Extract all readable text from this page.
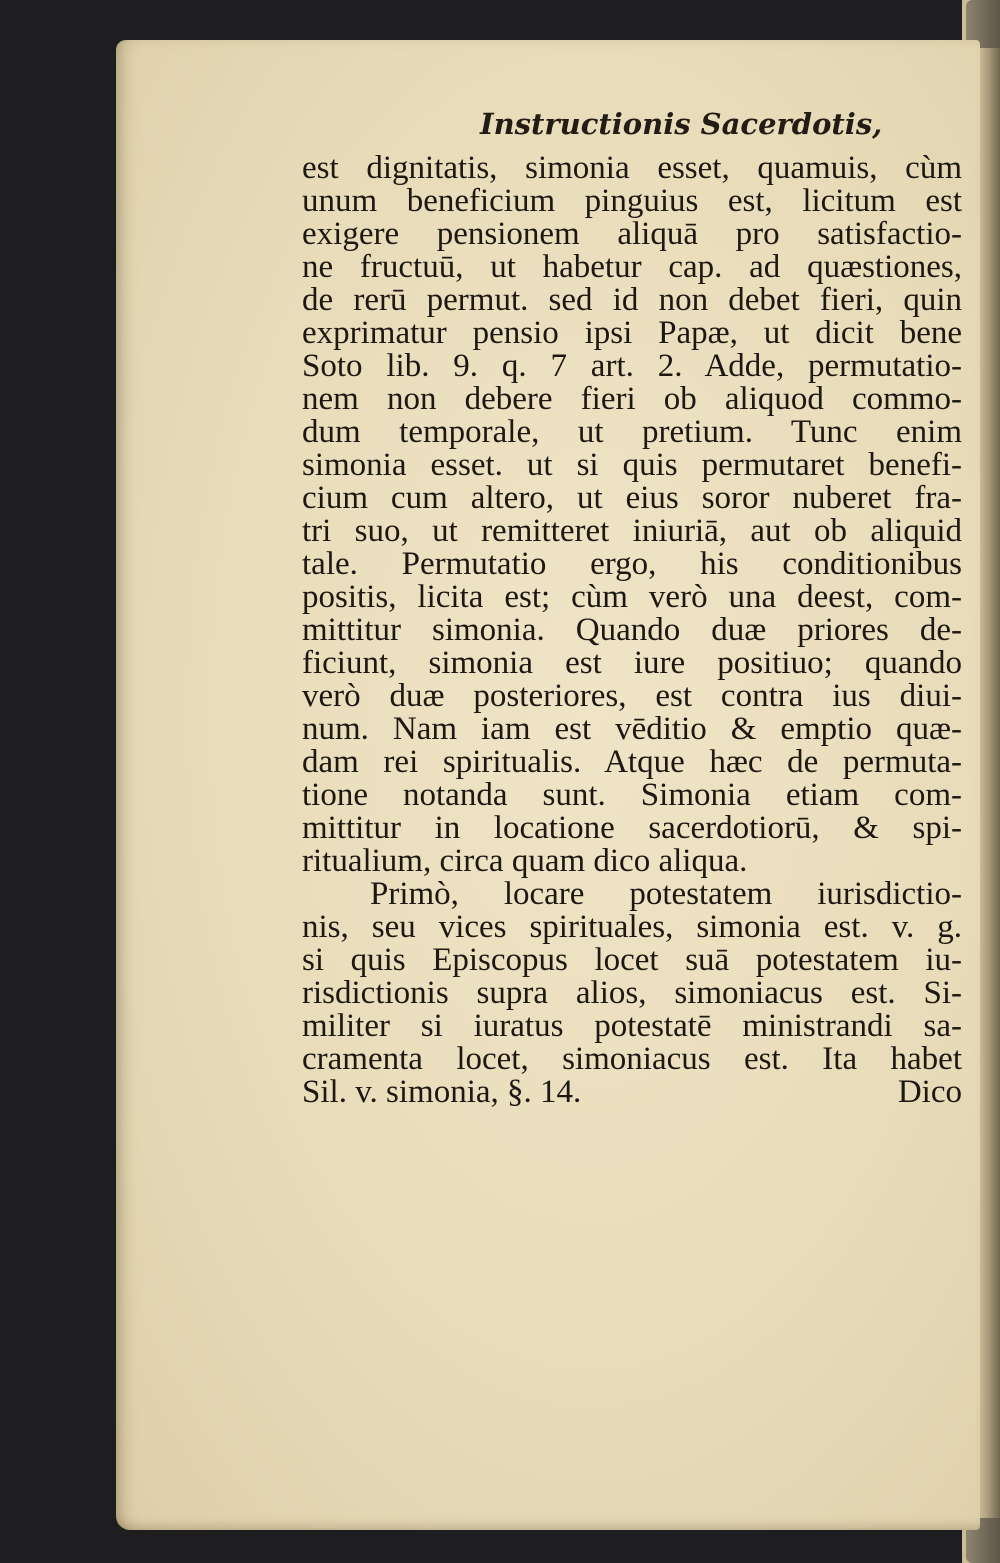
Instructionis Sacerdotis,
est dignitatis, simonia esset, quamuis, cùm
unum beneficium pinguius est, licitum est
exigere pensionem aliquā pro satisfactio-
ne fructuū, ut habetur cap. ad quæstiones,
de rerū permut. sed id non debet fieri, quin
exprimatur pensio ipsi Papæ, ut dicit bene
Soto lib. 9. q. 7 art. 2. Adde, permutatio-
nem non debere fieri ob aliquod commo-
dum temporale, ut pretium. Tunc enim
simonia esset. ut si quis permutaret benefi-
cium cum altero, ut eius soror nuberet fra-
tri suo, ut remitteret iniuriā, aut ob aliquid
tale. Permutatio ergo, his conditionibus
positis, licita est; cùm verò una deest, com-
mittitur simonia. Quando duæ priores de-
ficiunt, simonia est iure positiuo; quando
verò duæ posteriores, est contra ius diui-
num. Nam iam est vēditio & emptio quæ-
dam rei spiritualis. Atque hæc de permuta-
tione notanda sunt. Simonia etiam com-
mittitur in locatione sacerdotiorū, & spi-
ritualium, circa quam dico aliqua.
Primò, locare potestatem iurisdictio-
nis, seu vices spirituales, simonia est. v. g.
si quis Episcopus locet suā potestatem iu-
risdictionis supra alios, simoniacus est. Si-
militer si iuratus potestatē ministrandi sa-
cramenta locet, simoniacus est. Ita habet
Sil. v. simonia, §. 14.	Dico
